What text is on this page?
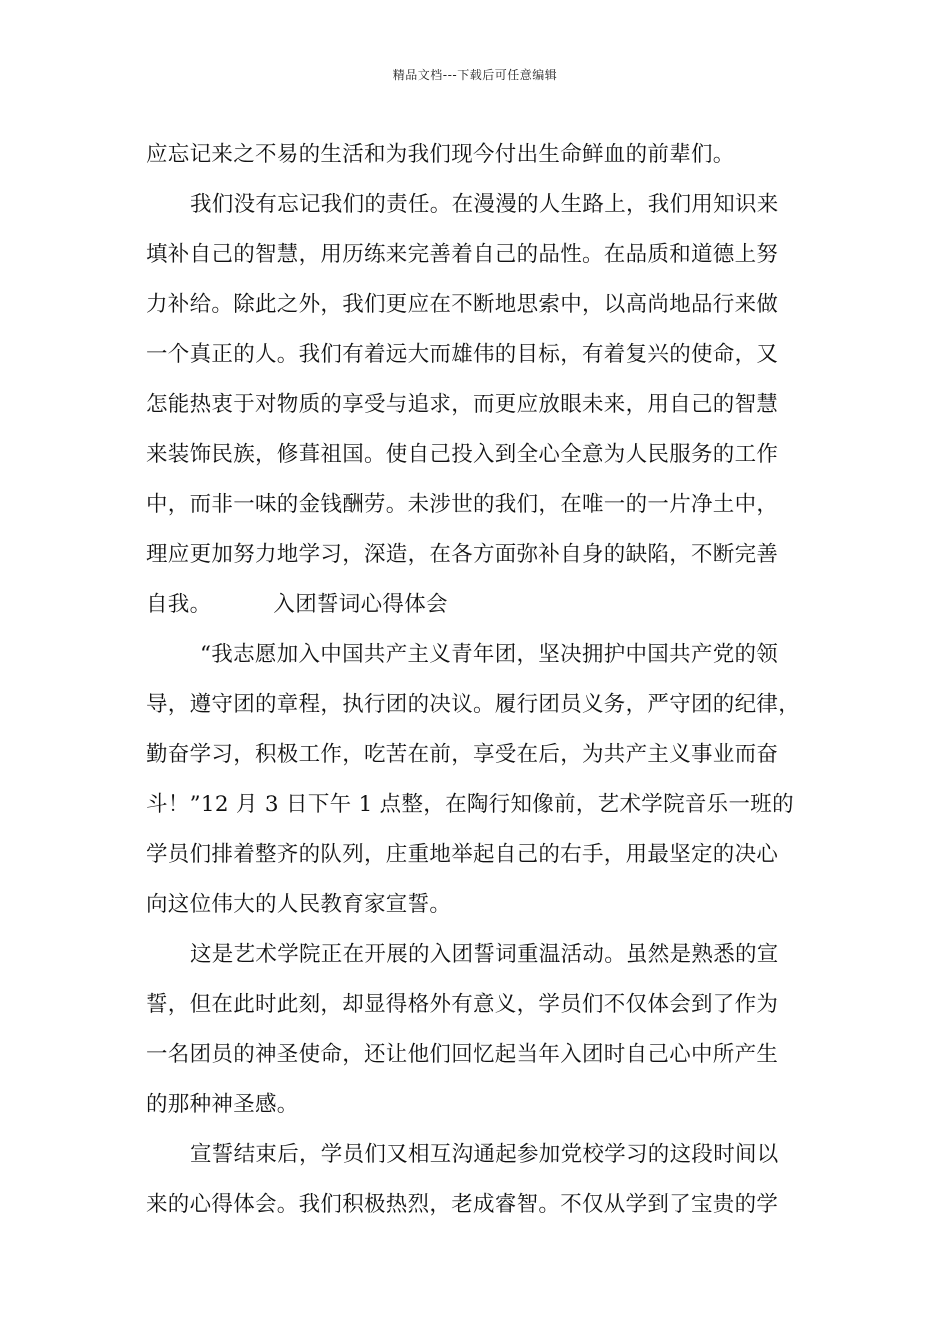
精品文档---下载后可任意编辑
应忘记来之不易的生活和为我们现今付出生命鲜血的前辈们。
我们没有忘记我们的责任。在漫漫的人生路上，我们用知识来
填补自己的智慧，用历练来完善着自己的品性。在品质和道德上努
力补给。除此之外，我们更应在不断地思索中，以高尚地品行来做
一个真正的人。我们有着远大而雄伟的目标，有着复兴的使命，又
怎能热衷于对物质的享受与追求，而更应放眼未来，用自己的智慧
来装饰民族，修葺祖国。使自己投入到全心全意为人民服务的工作
中，而非一味的金钱酬劳。未涉世的我们，在唯一的一片净土中，
理应更加努力地学习，深造，在各方面弥补自身的缺陷，不断完善
自我。	入团誓词心得体会
“我志愿加入中国共产主义青年团，坚决拥护中国共产党的领
导，遵守团的章程，执行团的决议。履行团员义务，严守团的纪律，
勤奋学习，积极工作，吃苦在前，享受在后，为共产主义事业而奋
斗！”12 月 3 日下午 1 点整，在陶行知像前，艺术学院音乐一班的
学员们排着整齐的队列，庄重地举起自己的右手，用最坚定的决心
向这位伟大的人民教育家宣誓。
这是艺术学院正在开展的入团誓词重温活动。虽然是熟悉的宣
誓，但在此时此刻，却显得格外有意义，学员们不仅体会到了作为
一名团员的神圣使命，还让他们回忆起当年入团时自己心中所产生
的那种神圣感。
宣誓结束后，学员们又相互沟通起参加党校学习的这段时间以
来的心得体会。我们积极热烈，老成睿智。不仅从学到了宝贵的学
